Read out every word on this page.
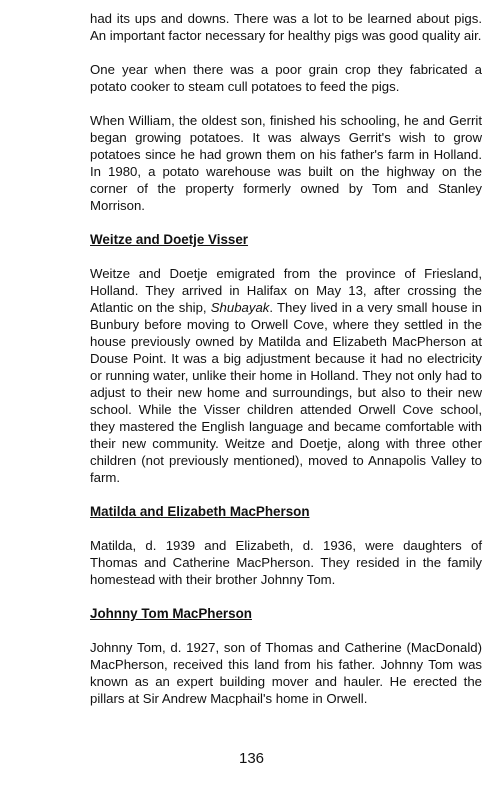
had its ups and downs. There was a lot to be learned about pigs. An important factor necessary for healthy pigs was good quality air.

One year when there was a poor grain crop they fabricated a potato cooker to steam cull potatoes to feed the pigs.

When William, the oldest son, finished his schooling, he and Gerrit began growing potatoes. It was always Gerrit's wish to grow potatoes since he had grown them on his father's farm in Holland. In 1980, a potato warehouse was built on the highway on the corner of the property formerly owned by Tom and Stanley Morrison.

Weitze and Doetje Visser

Weitze and Doetje emigrated from the province of Friesland, Holland. They arrived in Halifax on May 13, after crossing the Atlantic on the ship, Shubayak. They lived in a very small house in Bunbury before moving to Orwell Cove, where they settled in the house previously owned by Matilda and Elizabeth MacPherson at Douse Point. It was a big adjustment because it had no electricity or running water, unlike their home in Holland. They not only had to adjust to their new home and surroundings, but also to their new school. While the Visser children attended Orwell Cove school, they mastered the English language and became comfortable with their new community. Weitze and Doetje, along with three other children (not previously mentioned), moved to Annapolis Valley to farm.

Matilda and Elizabeth MacPherson

Matilda, d. 1939 and Elizabeth, d. 1936, were daughters of Thomas and Catherine MacPherson. They resided in the family homestead with their brother Johnny Tom.

Johnny Tom MacPherson

Johnny Tom, d. 1927, son of Thomas and Catherine (MacDonald) MacPherson, received this land from his father. Johnny Tom was known as an expert building mover and hauler. He erected the pillars at Sir Andrew Macphail's home in Orwell.

136
